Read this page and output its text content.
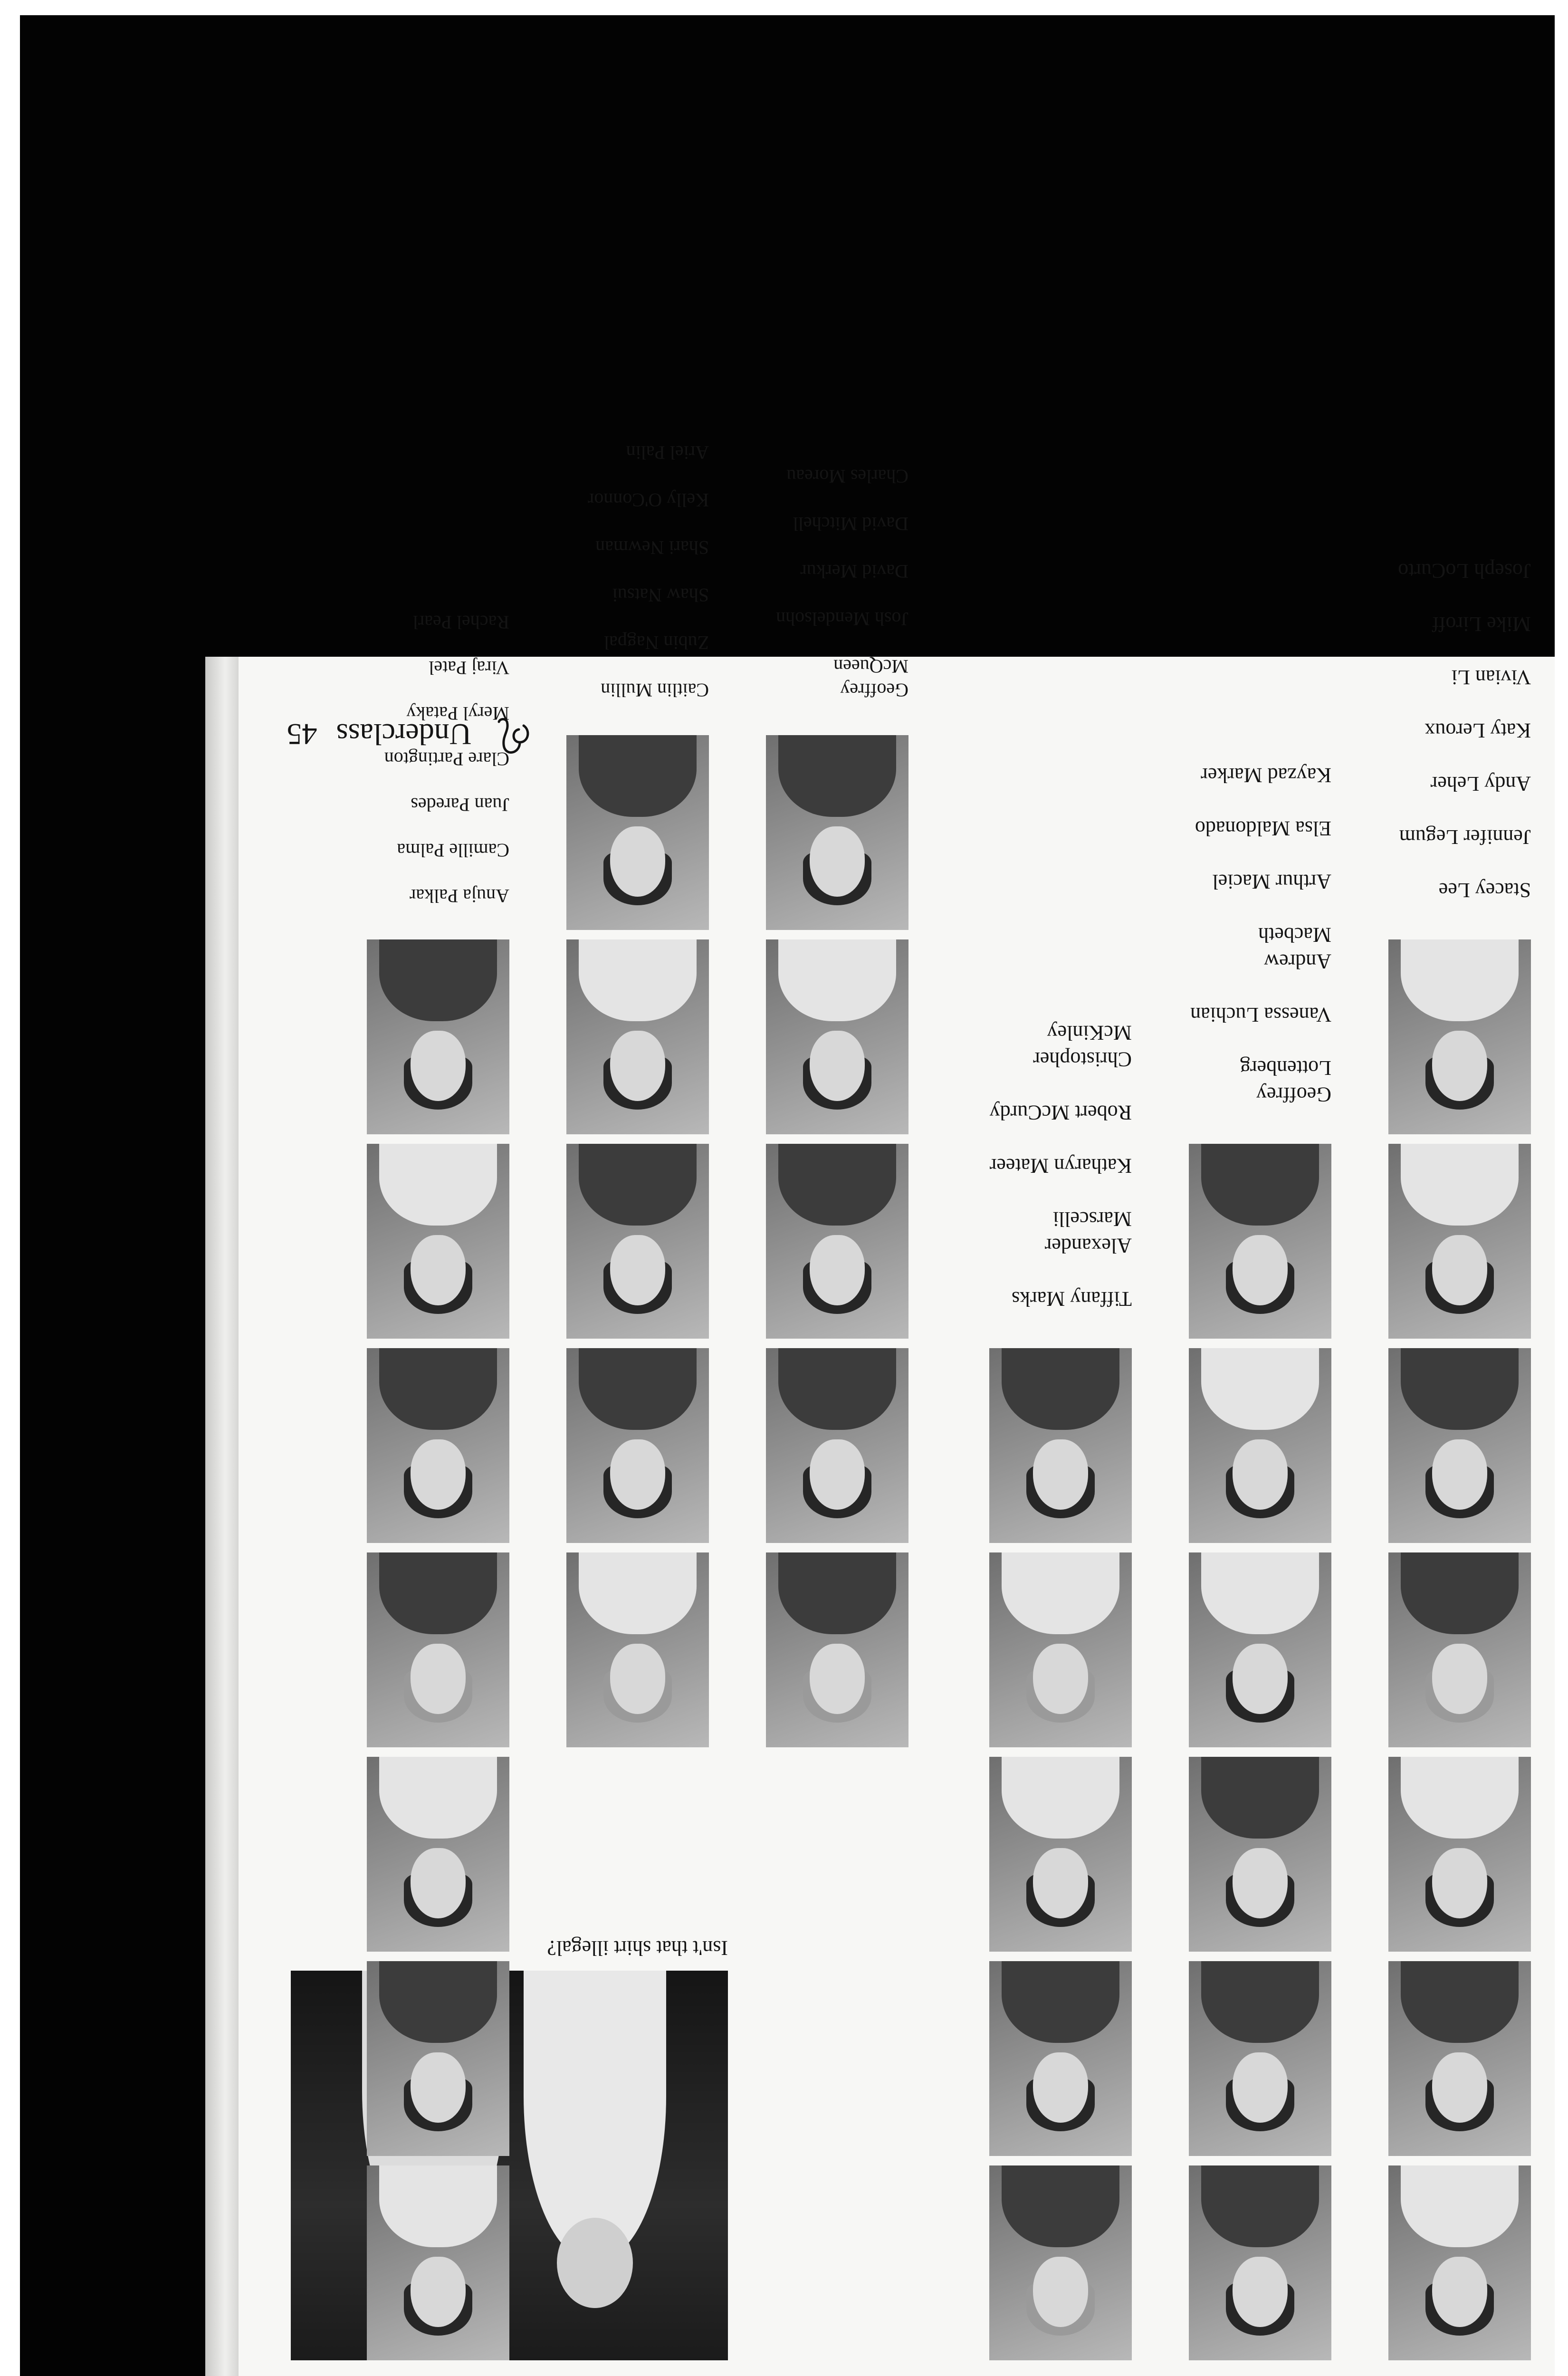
Stacey Lee

Jennifer Legum

Andy Leher

Katy Leroux

Vivian Li

Mike Liroff

Joseph LoCurto

Geoffrey Lottenberg

Vanessa Luchian

Andrew Macbeth

Arthur Maciel

Elsa Maldonado

Kayzad Marker

Tiffany Marks

Alexander Marscelli

Katharyn Mateer

Robert McCurdy

Christopher McKinley

Isn't that shirt illegal?

Geoffrey McQueen

Josh Mendelsohn

David Merkur

David Mitchell

Charles Moreau

Anuja Palkar

Camille Palma

Juan Paredes

Clare Partington

Meryl Pataky

Viraj Patel

Rachel Pearl

Caitlin Mullin

Zubin Nagpal

Shaw Natsui

Shari Newman

Kelly O'Connor

Ariel Palin

Underclass 45
